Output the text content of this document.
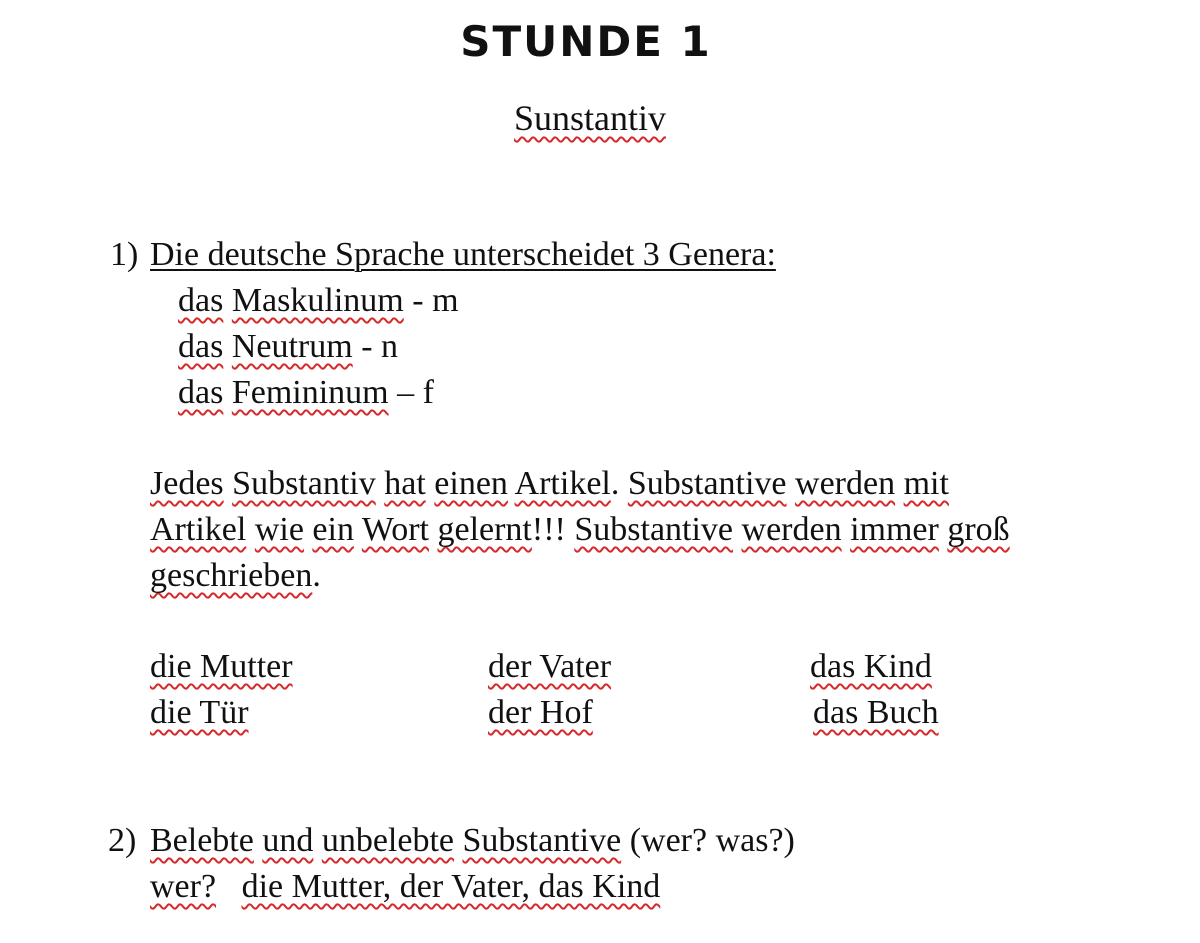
STUNDE 1
Sunstantiv
1) Die deutsche Sprache unterscheidet 3 Genera:
das Maskulinum - m
das Neutrum - n
das Femininum – f
Jedes Substantiv hat einen Artikel. Substantive werden mit
Artikel wie ein Wort gelernt!!! Substantive werden immer groß
geschrieben.
die Mutter	der Vater	das Kind
die Tür	der Hof	das Buch
2) Belebte und unbelebte Substantive (wer? was?)
wer? die Mutter, der Vater, das Kind
